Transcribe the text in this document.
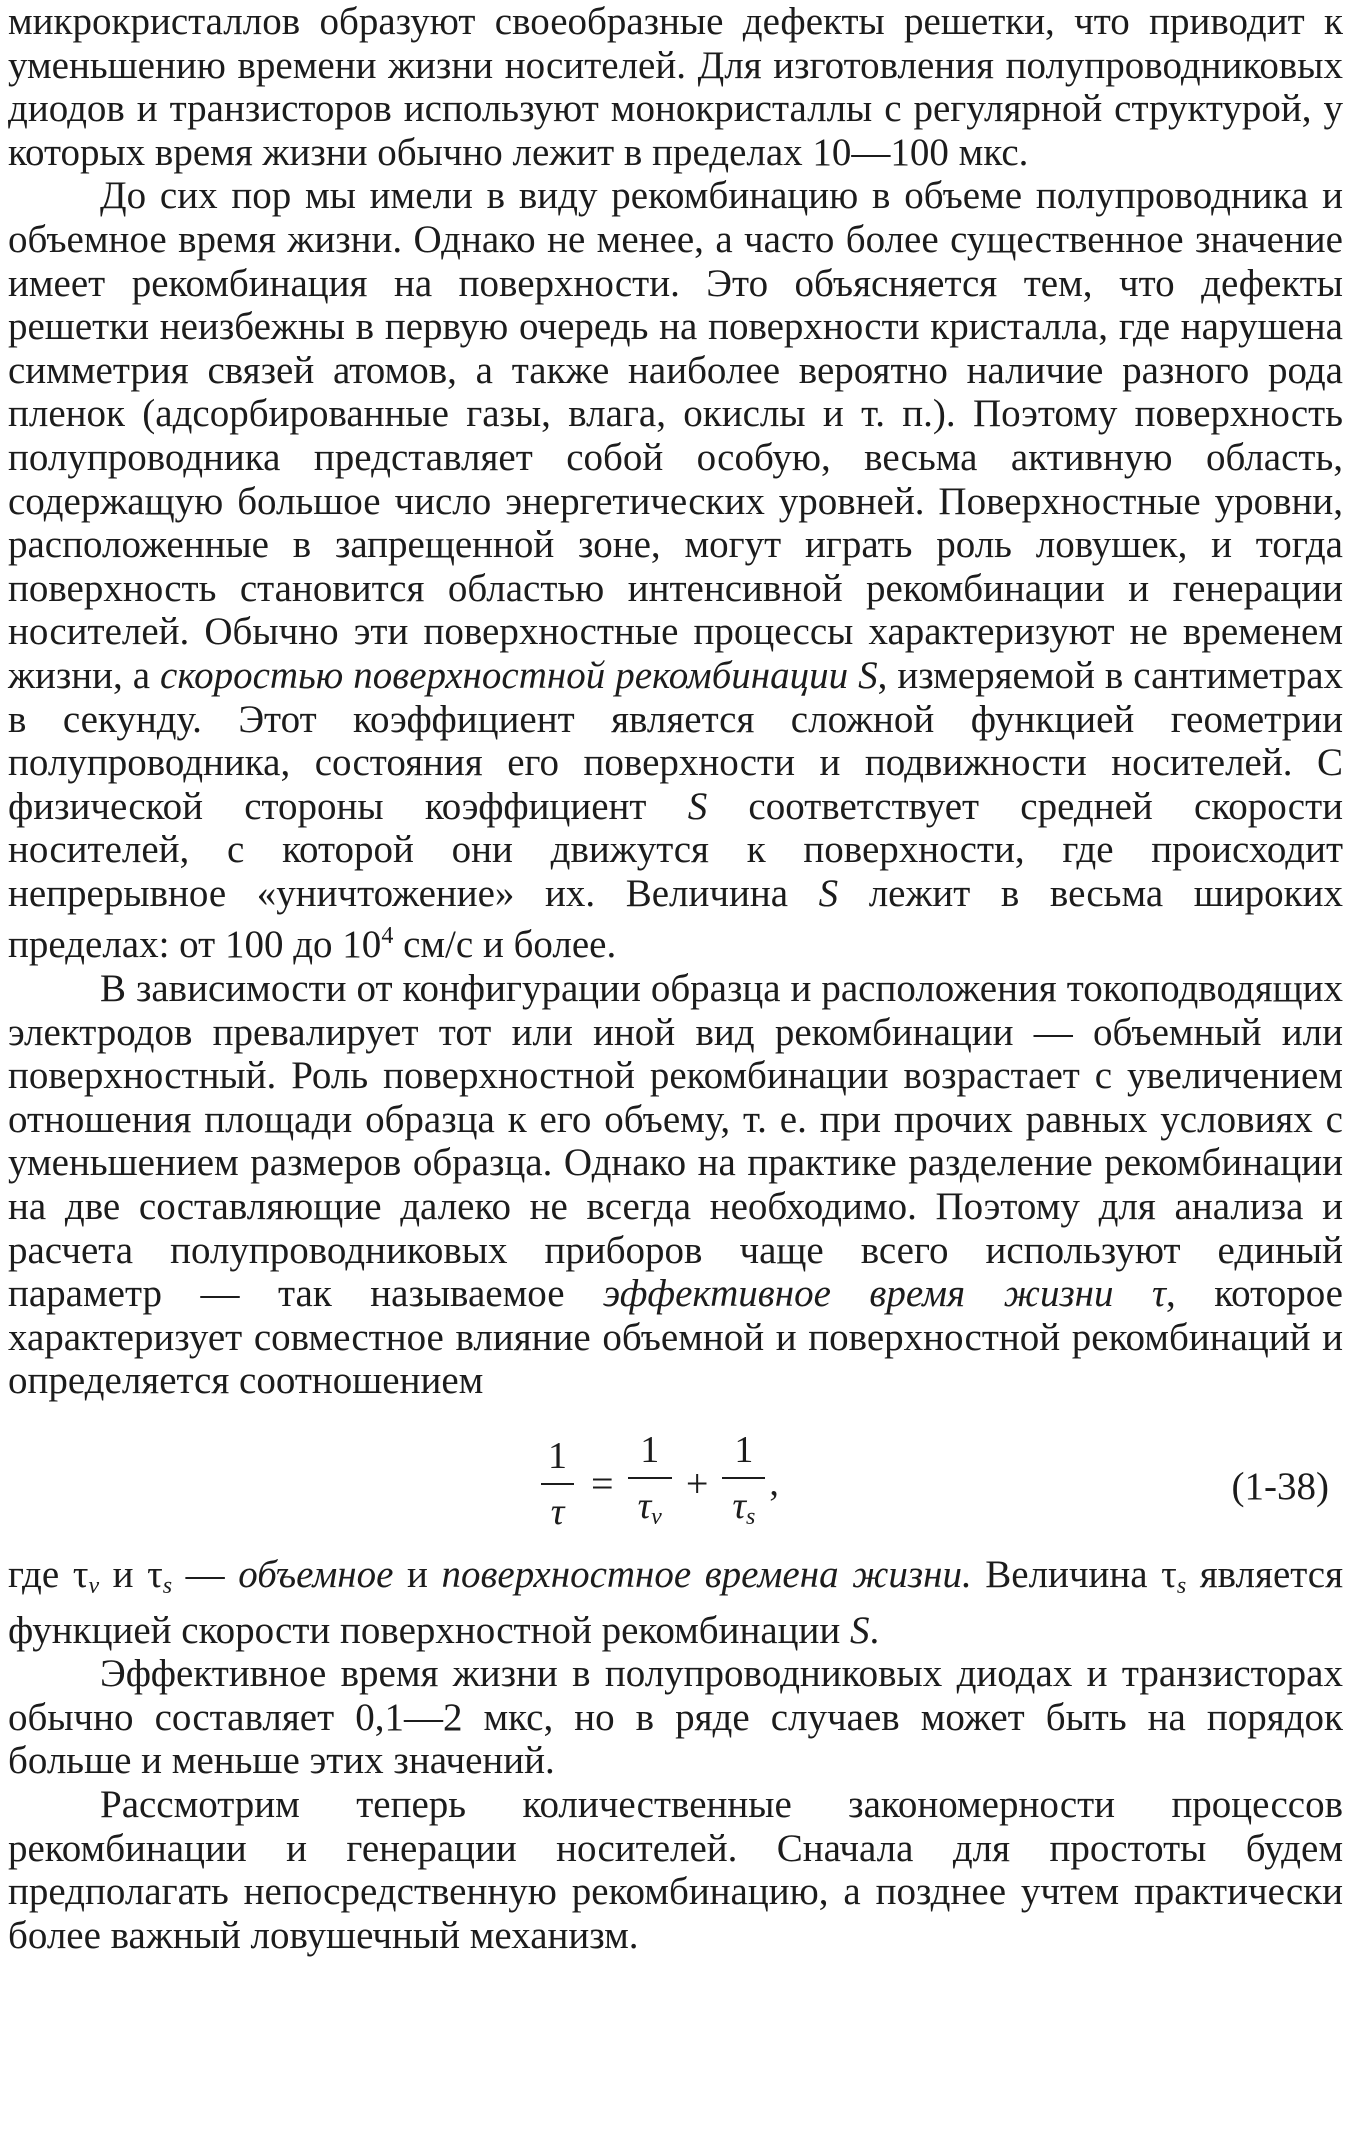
микрокристаллов образуют своеобразные дефекты решетки, что приводит к уменьшению времени жизни носителей. Для изготовления полупроводниковых диодов и транзисторов используют монокристаллы с регулярной структурой, у которых время жизни обычно лежит в пределах 10—100 мкс.

До сих пор мы имели в виду рекомбинацию в объеме полупроводника и объемное время жизни. Однако не менее, а часто более существенное значение имеет рекомбинация на поверхности. Это объясняется тем, что дефекты решетки неизбежны в первую очередь на поверхности кристалла, где нарушена симметрия связей атомов, а также наиболее вероятно наличие разного рода пленок (адсорбированные газы, влага, окислы и т. п.). Поэтому поверхность полупроводника представляет собой особую, весьма активную область, содержащую большое число энергетических уровней. Поверхностные уровни, расположенные в запрещенной зоне, могут играть роль ловушек, и тогда поверхность становится областью интенсивной рекомбинации и генерации носителей. Обычно эти поверхностные процессы характеризуют не временем жизни, а скоростью поверхностной рекомбинации S, измеряемой в сантиметрах в секунду. Этот коэффициент является сложной функцией геометрии полупроводника, состояния его поверхности и подвижности носителей. С физической стороны коэффициент S соответствует средней скорости носителей, с которой они движутся к поверхности, где происходит непрерывное «уничтожение» их. Величина S лежит в весьма широких пределах: от 100 до $10^4$ см/с и более.

В зависимости от конфигурации образца и расположения токоподводящих электродов превалирует тот или иной вид рекомбинации — объемный или поверхностный. Роль поверхностной рекомбинации возрастает с увеличением отношения площади образца к его объему, т. е. при прочих равных условиях с уменьшением размеров образца. Однако на практике разделение рекомбинации на две составляющие далеко не всегда необходимо. Поэтому для анализа и расчета полупроводниковых приборов чаще всего используют единый параметр — так называемое эффективное время жизни τ, которое характеризует совместное влияние объемной и поверхностной рекомбинаций и определяется соотношением

$\frac{1}{\tau} = \frac{1}{\tau_v} + \frac{1}{\tau_s}$ ,	(1-38)

где $\tau_v$ и $\tau_s$ — объемное и поверхностное времена жизни. Величина $\tau_s$ является функцией скорости поверхностной рекомбинации S.

Эффективное время жизни в полупроводниковых диодах и транзисторах обычно составляет 0,1—2 мкс, но в ряде случаев может быть на порядок больше и меньше этих значений.

Рассмотрим теперь количественные закономерности процессов рекомбинации и генерации носителей. Сначала для простоты будем предполагать непосредственную рекомбинацию, а позднее учтем практически более важный ловушечный механизм.
